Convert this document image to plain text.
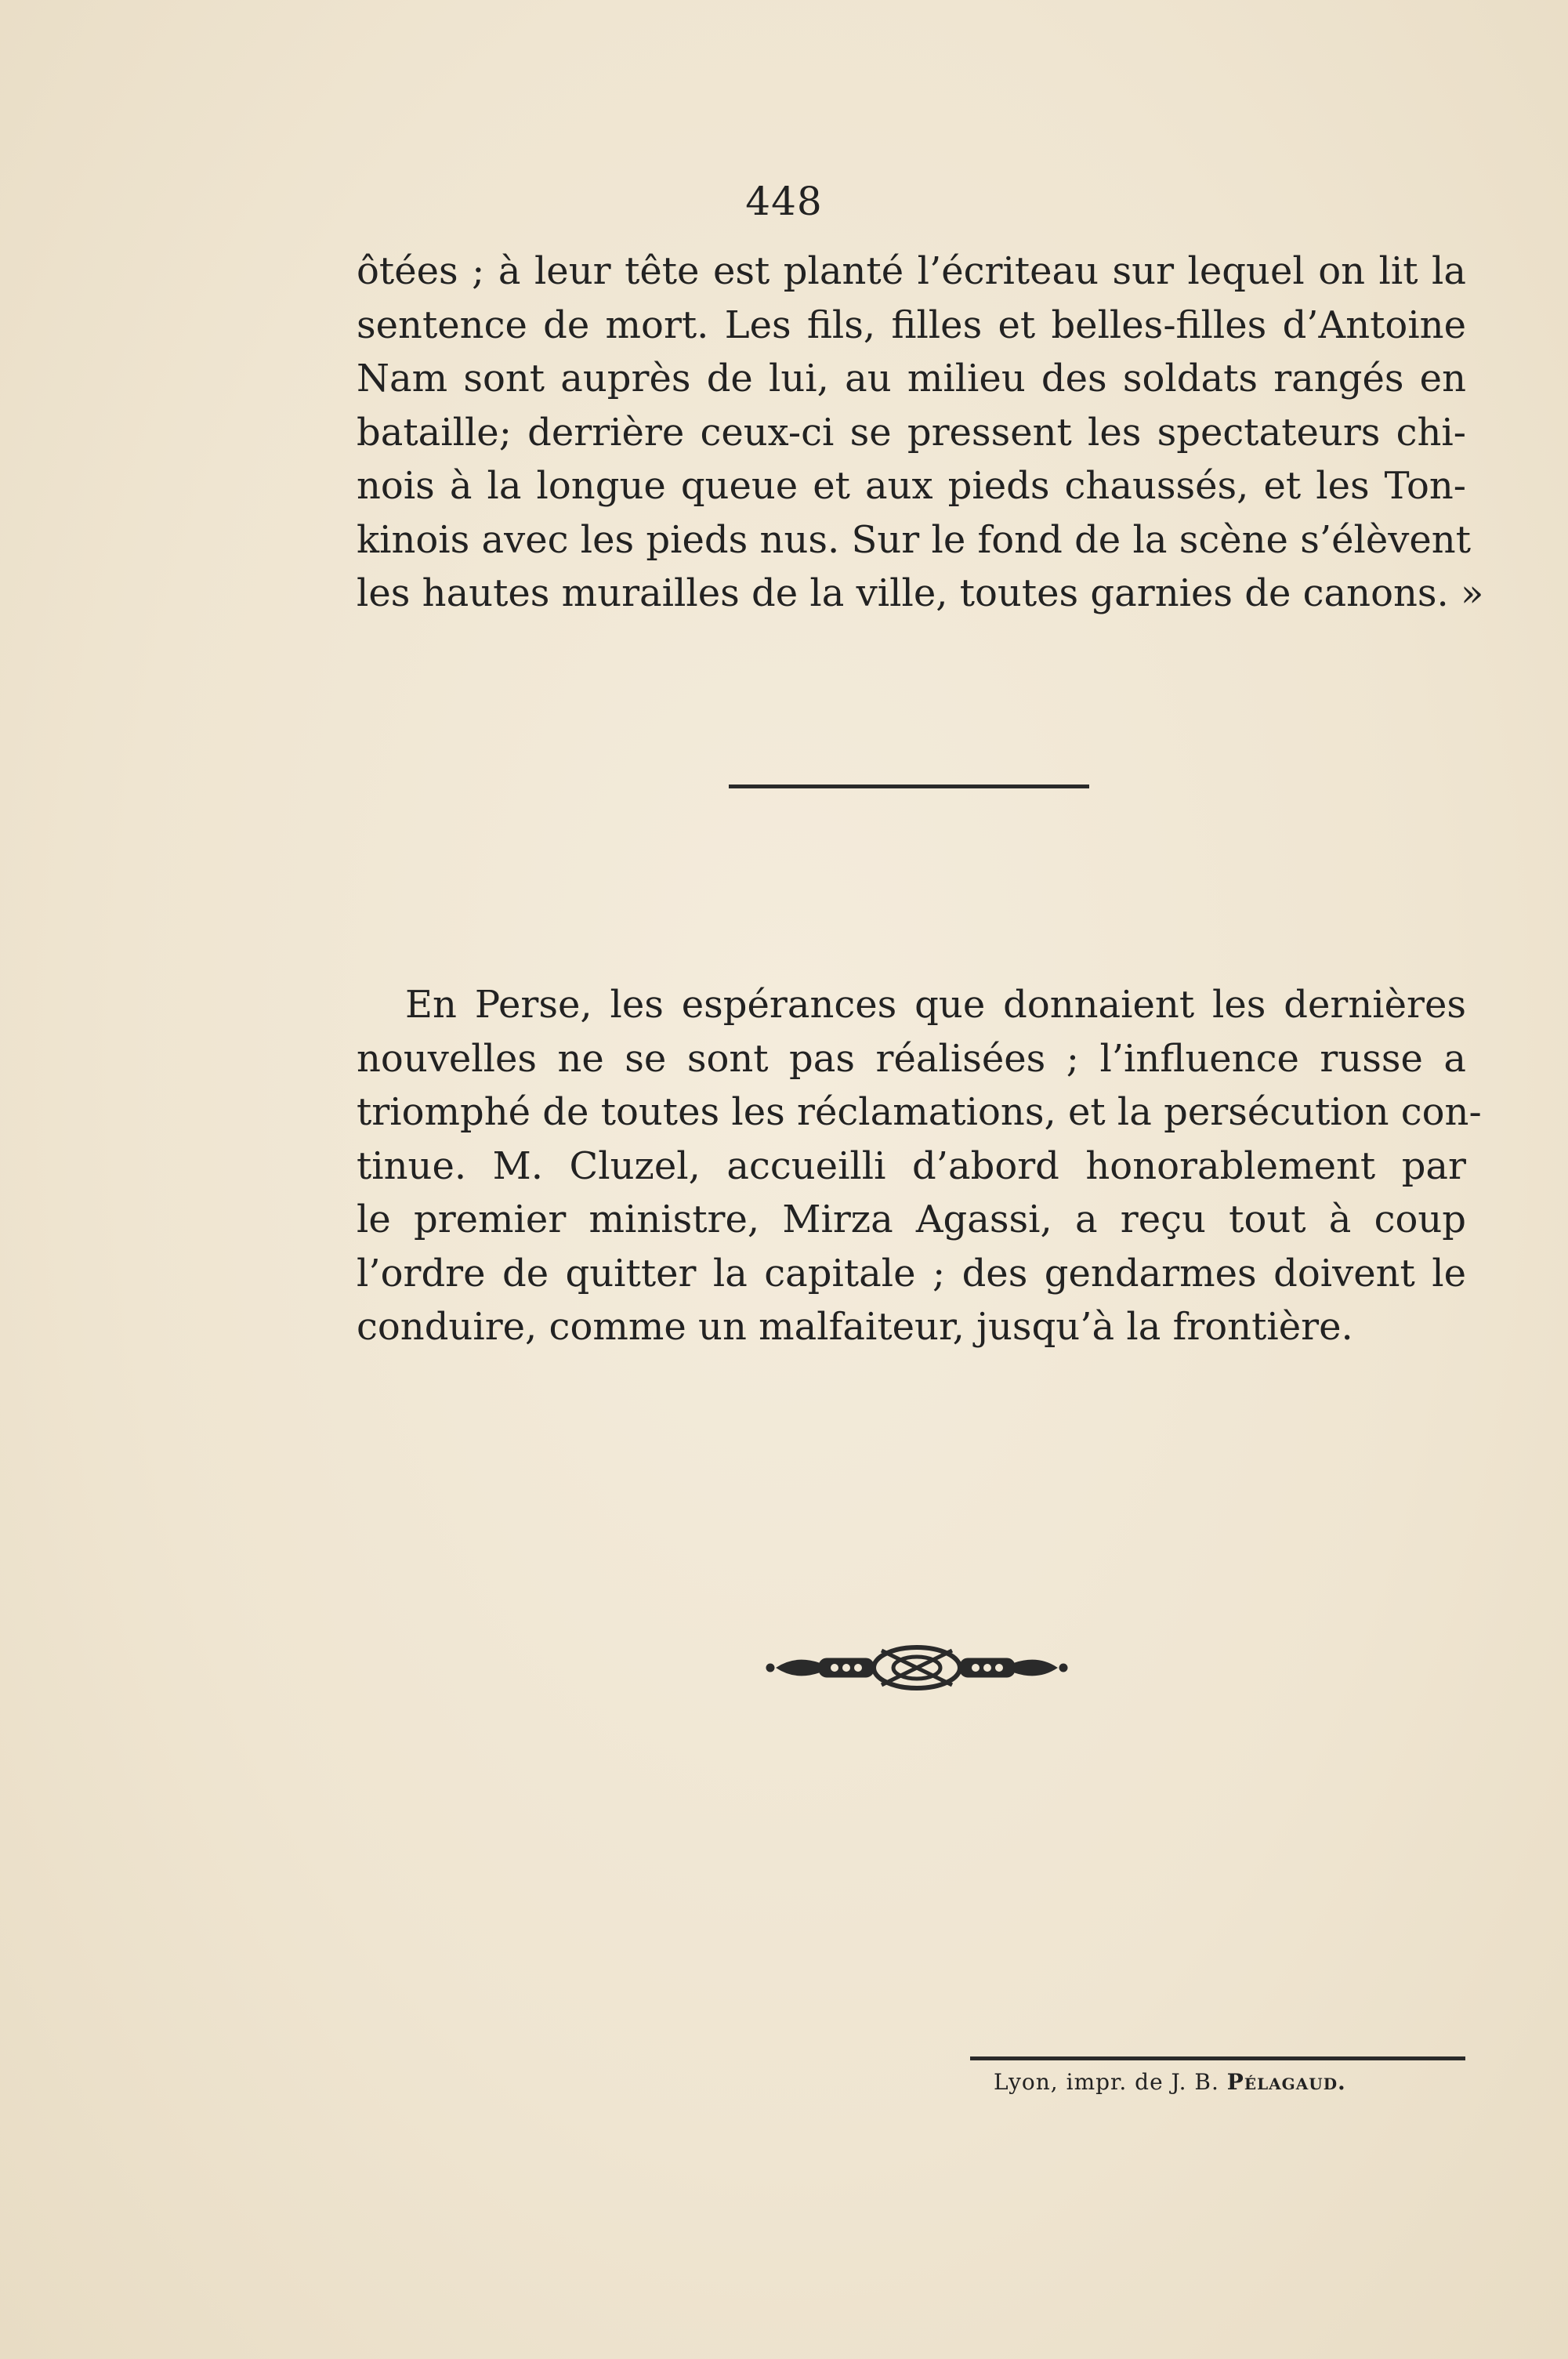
448
ôtées ; à leur tête est planté l’écriteau sur lequel on lit la
sentence de mort. Les fils, filles et belles-filles d’Antoine
Nam sont auprès de lui, au milieu des soldats rangés en
bataille; derrière ceux-ci se pressent les spectateurs chi-
nois à la longue queue et aux pieds chaussés, et les Ton-
kinois avec les pieds nus. Sur le fond de la scène s’élèvent
les hautes murailles de la ville, toutes garnies de canons. »
En Perse, les espérances que donnaient les dernières
nouvelles ne se sont pas réalisées ; l’influence russe a
triomphé de toutes les réclamations, et la persécution con-
tinue. M. Cluzel, accueilli d’abord honorablement par
le premier ministre, Mirza Agassi, a reçu tout à coup
l’ordre de quitter la capitale ; des gendarmes doivent le
conduire, comme un malfaiteur, jusqu’à la frontière.
Lyon, impr. de J. B. Pélagaud.
